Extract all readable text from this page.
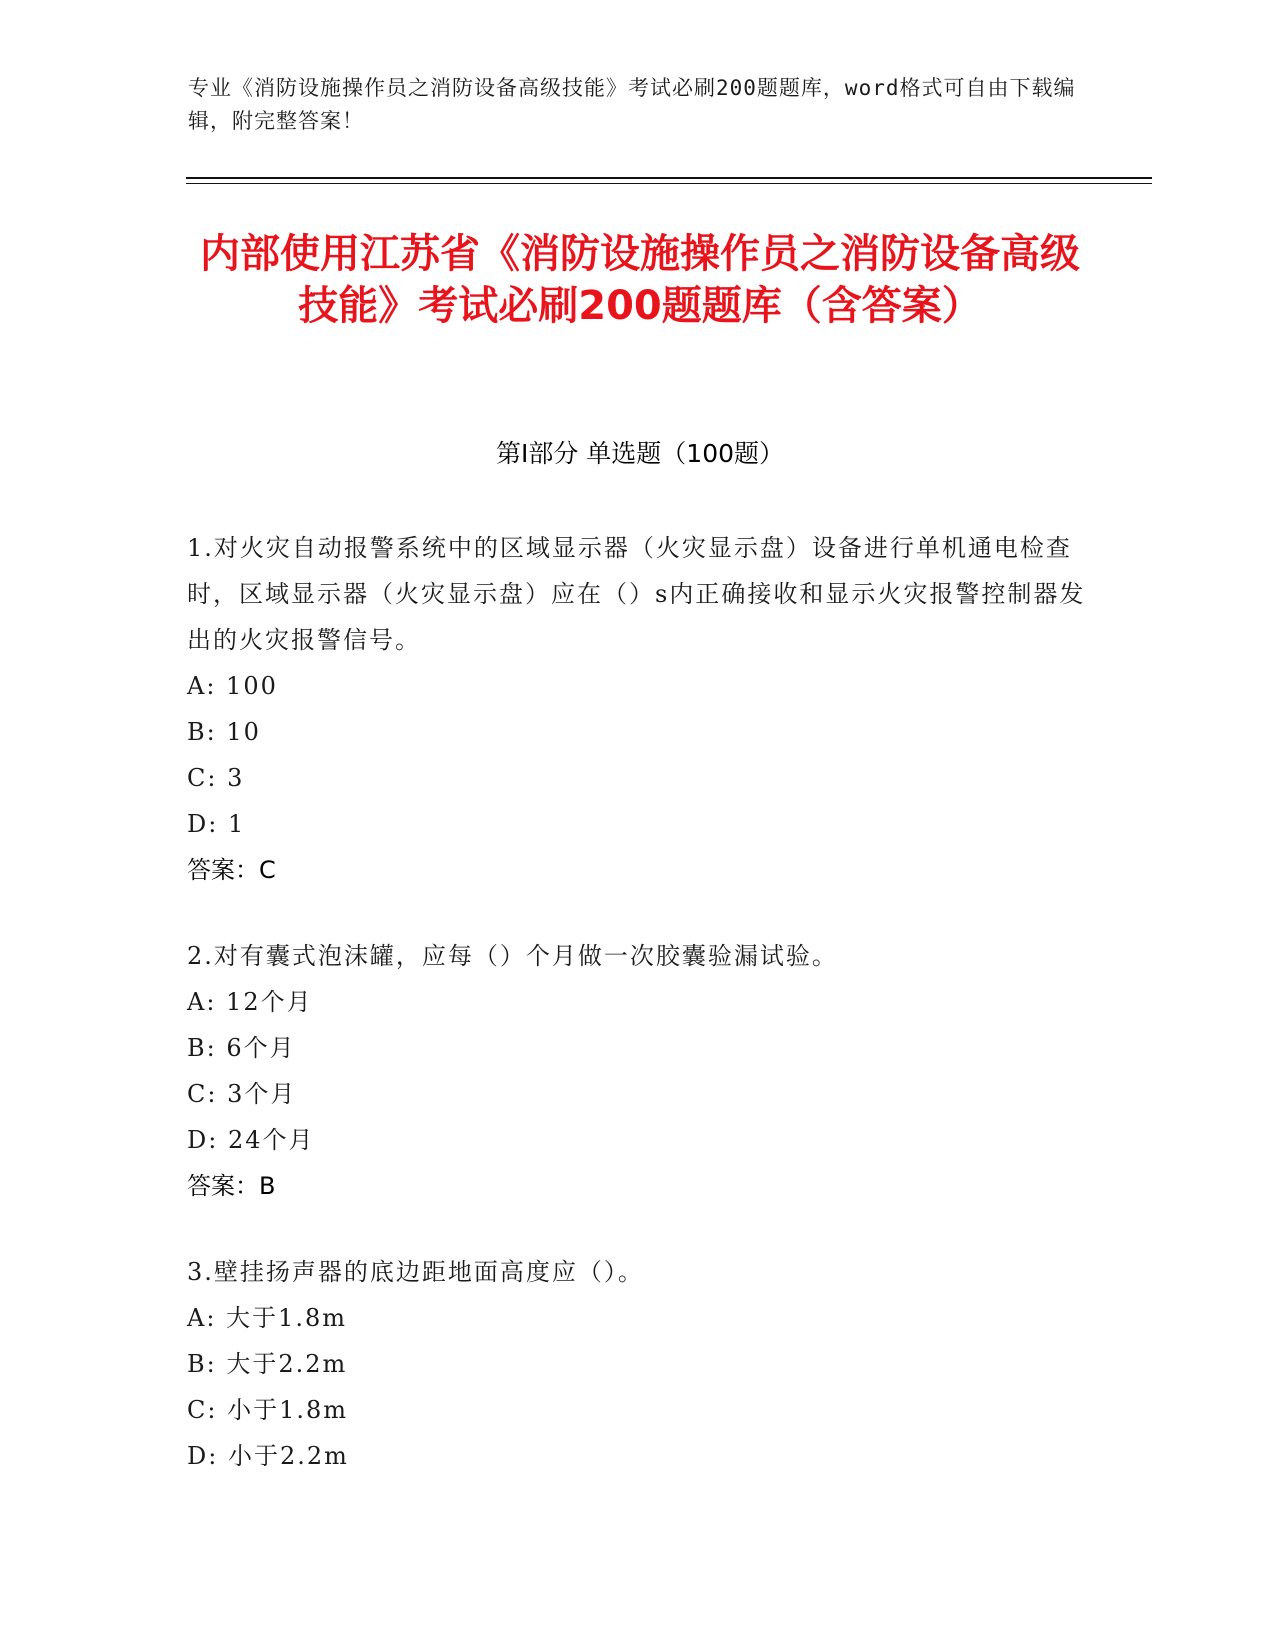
专业《消防设施操作员之消防设备高级技能》考试必刷200题题库，word格式可自由下载编辑，附完整答案！
内部使用江苏省《消防设施操作员之消防设备高级技能》考试必刷200题题库（含答案）
第I部分 单选题（100题）
1.对火灾自动报警系统中的区域显示器（火灾显示盘）设备进行单机通电检查时，区域显示器（火灾显示盘）应在（）s内正确接收和显示火灾报警控制器发出的火灾报警信号。
A: 100
B: 10
C: 3
D: 1
答案：C
2.对有囊式泡沫罐，应每（）个月做一次胶囊验漏试验。
A: 12个月
B: 6个月
C: 3个月
D: 24个月
答案：B
3.壁挂扬声器的底边距地面高度应（）。
A: 大于1.8m
B: 大于2.2m
C: 小于1.8m
D: 小于2.2m
